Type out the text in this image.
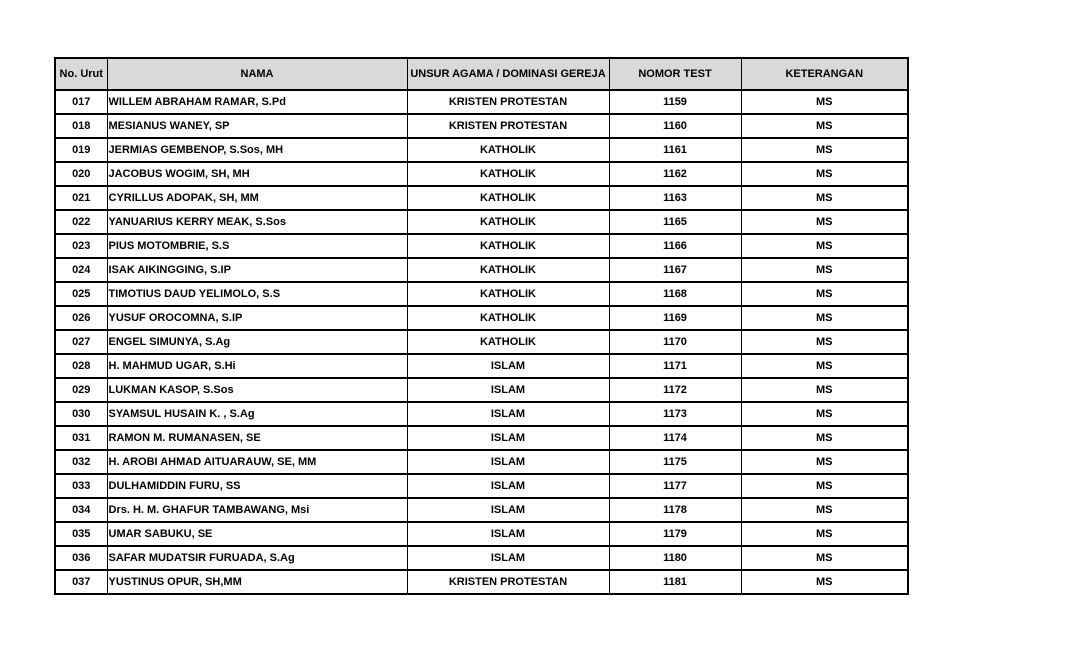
No. Urut	NAMA	UNSUR AGAMA / DOMINASI GEREJA	NOMOR TEST	KETERANGAN
017	WILLEM ABRAHAM RAMAR, S.Pd	KRISTEN PROTESTAN	1159	MS
018	MESIANUS WANEY, SP	KRISTEN PROTESTAN	1160	MS
019	JERMIAS GEMBENOP, S.Sos, MH	KATHOLIK	1161	MS
020	JACOBUS WOGIM, SH, MH	KATHOLIK	1162	MS
021	CYRILLUS ADOPAK, SH, MM	KATHOLIK	1163	MS
022	YANUARIUS KERRY MEAK, S.Sos	KATHOLIK	1165	MS
023	PIUS MOTOMBRIE, S.S	KATHOLIK	1166	MS
024	ISAK AIKINGGING, S.IP	KATHOLIK	1167	MS
025	TIMOTIUS DAUD YELIMOLO, S.S	KATHOLIK	1168	MS
026	YUSUF OROCOMNA, S.IP	KATHOLIK	1169	MS
027	ENGEL SIMUNYA, S.Ag	KATHOLIK	1170	MS
028	H. MAHMUD UGAR, S.Hi	ISLAM	1171	MS
029	LUKMAN KASOP, S.Sos	ISLAM	1172	MS
030	SYAMSUL HUSAIN K. , S.Ag	ISLAM	1173	MS
031	RAMON M. RUMANASEN, SE	ISLAM	1174	MS
032	H. AROBI AHMAD AITUARAUW, SE, MM	ISLAM	1175	MS
033	DULHAMIDDIN FURU, SS	ISLAM	1177	MS
034	Drs. H. M. GHAFUR TAMBAWANG, Msi	ISLAM	1178	MS
035	UMAR SABUKU, SE	ISLAM	1179	MS
036	SAFAR MUDATSIR FURUADA, S.Ag	ISLAM	1180	MS
037	YUSTINUS OPUR, SH,MM	KRISTEN PROTESTAN	1181	MS
